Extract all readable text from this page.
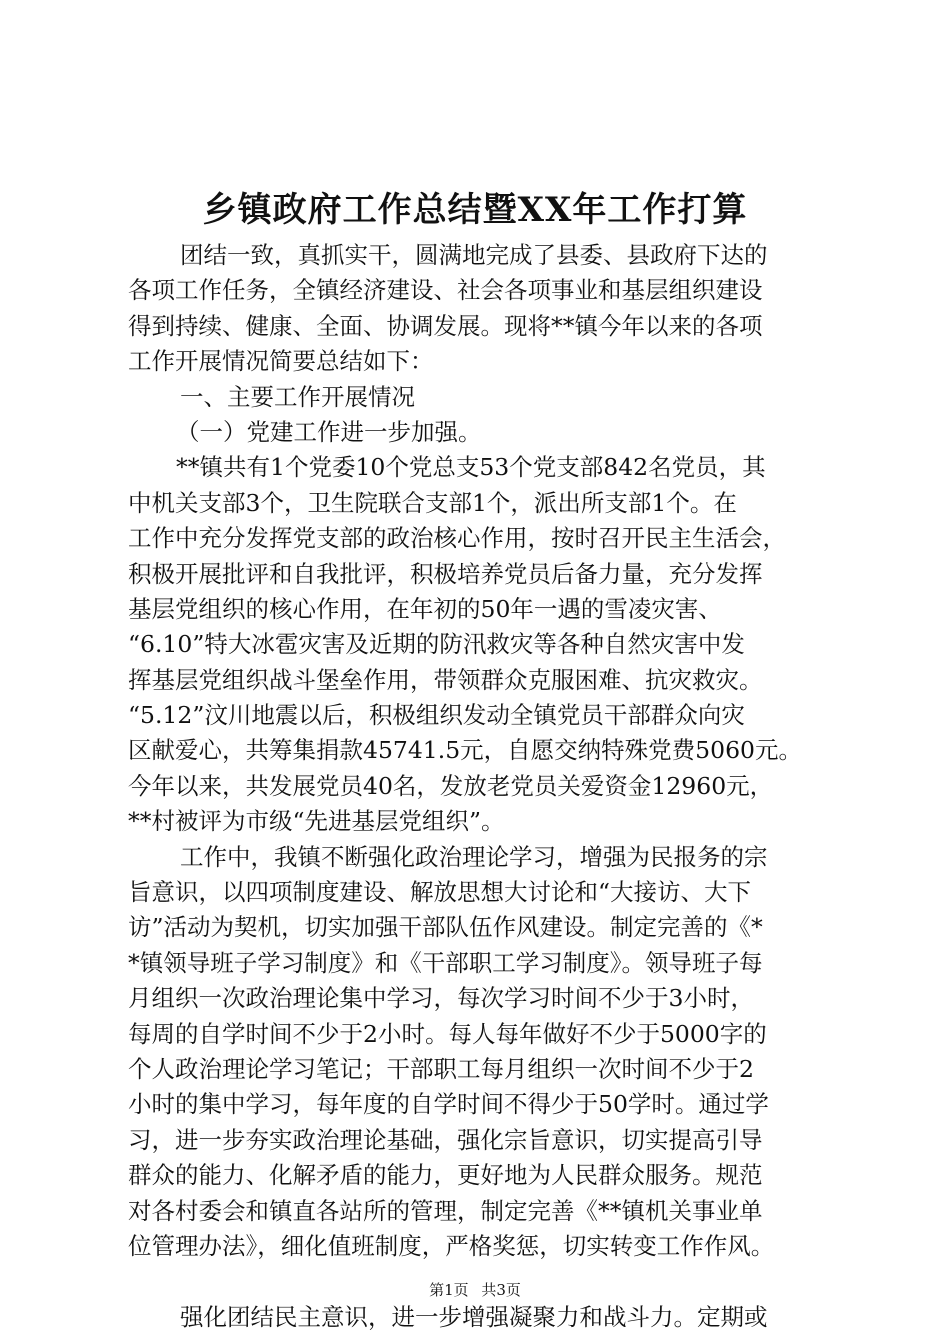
乡镇政府工作总结暨XX年工作打算
团结一致，真抓实干，圆满地完成了县委、县政府下达的
各项工作任务，全镇经济建设、社会各项事业和基层组织建设
得到持续、健康、全面、协调发展。现将**镇今年以来的各项
工作开展情况简要总结如下：
一、主要工作开展情况
（一）党建工作进一步加强。
**镇共有1个党委10个党总支53个党支部842名党员，其
中机关支部3个，卫生院联合支部1个，派出所支部1个。在
工作中充分发挥党支部的政治核心作用，按时召开民主生活会，
积极开展批评和自我批评，积极培养党员后备力量，充分发挥
基层党组织的核心作用，在年初的50年一遇的雪凌灾害、
“6.10”特大冰雹灾害及近期的防汛救灾等各种自然灾害中发
挥基层党组织战斗堡垒作用，带领群众克服困难、抗灾救灾。
“5.12”汶川地震以后，积极组织发动全镇党员干部群众向灾
区献爱心，共筹集捐款45741.5元，自愿交纳特殊党费5060元。
今年以来，共发展党员40名，发放老党员关爱资金12960元，
**村被评为市级“先进基层党组织”。
工作中，我镇不断强化政治理论学习，增强为民报务的宗
旨意识，以四项制度建设、解放思想大讨论和“大接访、大下
访”活动为契机，切实加强干部队伍作风建设。制定完善的《*
*镇领导班子学习制度》和《干部职工学习制度》。领导班子每
月组织一次政治理论集中学习，每次学习时间不少于3小时，
每周的自学时间不少于2小时。每人每年做好不少于5000字的
个人政治理论学习笔记；干部职工每月组织一次时间不少于2
小时的集中学习，每年度的自学时间不得少于50学时。通过学
习，进一步夯实政治理论基础，强化宗旨意识，切实提高引导
群众的能力、化解矛盾的能力，更好地为人民群众服务。规范
对各村委会和镇直各站所的管理，制定完善《**镇机关事业单
位管理办法》，细化值班制度，严格奖惩，切实转变工作作风。
强化团结民主意识，进一步增强凝聚力和战斗力。定期或
第1页 共3页
